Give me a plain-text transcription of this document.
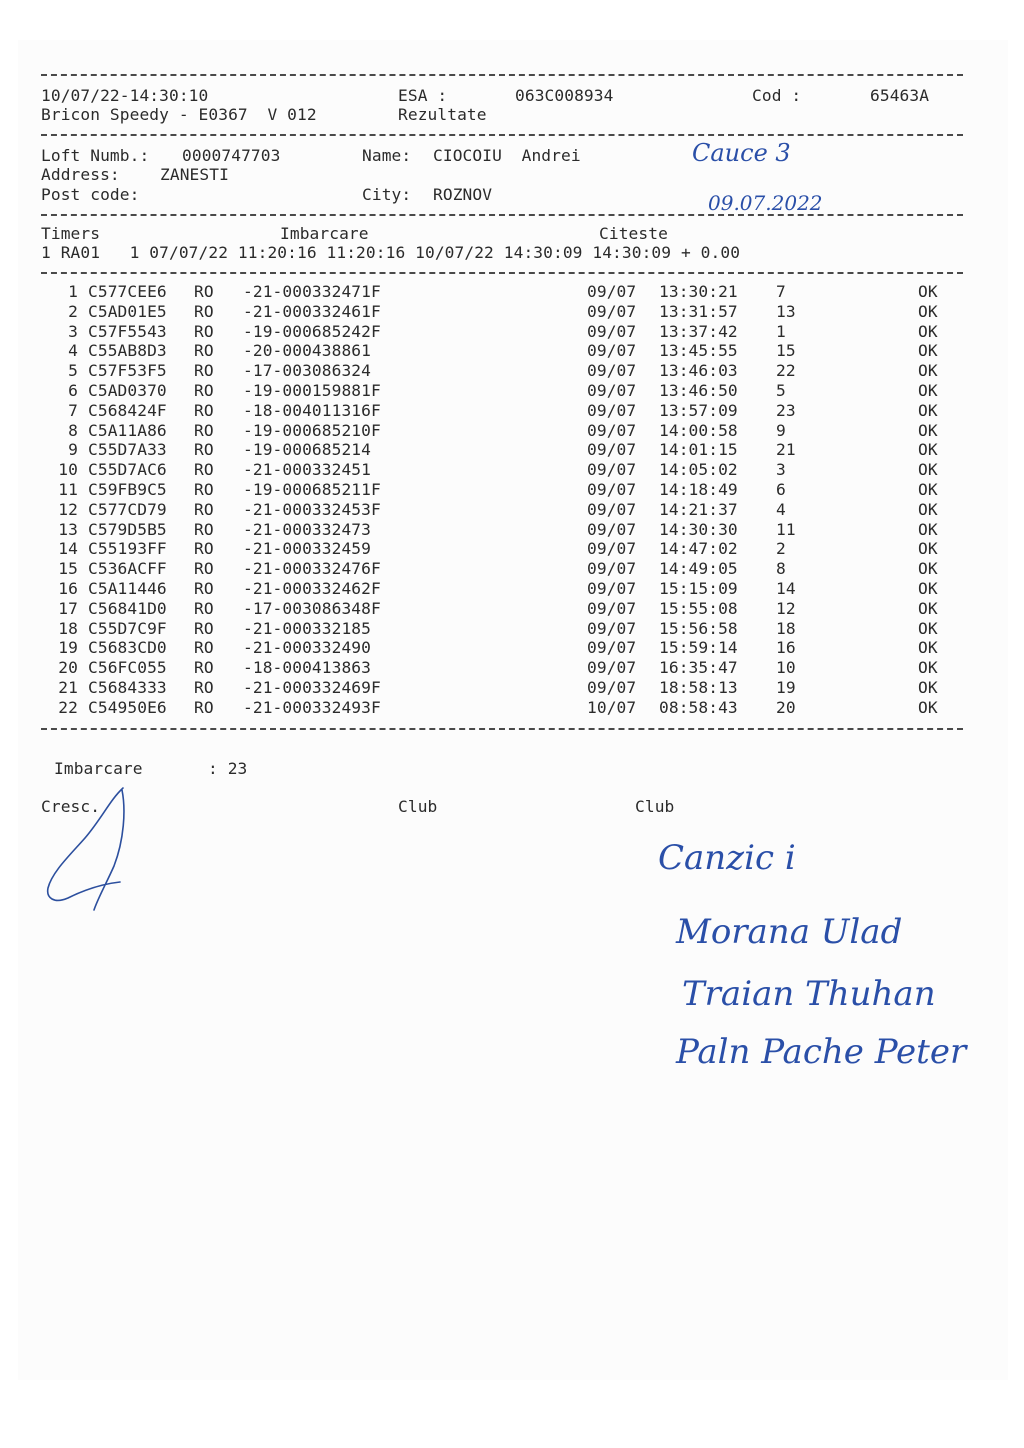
10/07/22-14:30:10	ESA :	063C008934	Cod :	65463A
Bricon Speedy - E0367  V 012	Rezultate
Loft Numb.: 0000747703	Name: CIOCOIU  Andrei
Address: ZANESTI
Post code:	City: ROZNOV
Cauce 3
09.07.2022
Timers	Imbarcare	Citeste
1 RA01   1 07/07/22 11:20:16 11:20:16 10/07/22 14:30:09 14:30:09 + 0.00
1 C577CEE6 RO -21-000332471F	09/07 13:30:21 7	OK
2 C5AD01E5 RO -21-000332461F	09/07 13:31:57 13	OK
3 C57F5543 RO -19-000685242F	09/07 13:37:42 1	OK
4 C55AB8D3 RO -20-000438861	09/07 13:45:55 15	OK
5 C57F53F5 RO -17-003086324	09/07 13:46:03 22	OK
6 C5AD0370 RO -19-000159881F	09/07 13:46:50 5	OK
7 C568424F RO -18-004011316F	09/07 13:57:09 23	OK
8 C5A11A86 RO -19-000685210F	09/07 14:00:58 9	OK
9 C55D7A33 RO -19-000685214	09/07 14:01:15 21	OK
10 C55D7AC6 RO -21-000332451	09/07 14:05:02 3	OK
11 C59FB9C5 RO -19-000685211F	09/07 14:18:49 6	OK
12 C577CD79 RO -21-000332453F	09/07 14:21:37 4	OK
13 C579D5B5 RO -21-000332473	09/07 14:30:30 11	OK
14 C55193FF RO -21-000332459	09/07 14:47:02 2	OK
15 C536ACFF RO -21-000332476F	09/07 14:49:05 8	OK
16 C5A11446 RO -21-000332462F	09/07 15:15:09 14	OK
17 C56841D0 RO -17-003086348F	09/07 15:55:08 12	OK
18 C55D7C9F RO -21-000332185	09/07 15:56:58 18	OK
19 C5683CD0 RO -21-000332490	09/07 15:59:14 16	OK
20 C56FC055 RO -18-000413863	09/07 16:35:47 10	OK
21 C5684333 RO -21-000332469F	09/07 18:58:13 19	OK
22 C54950E6 RO -21-000332493F	10/07 08:58:43 20	OK
Imbarcare	: 23
Cresc.	Club	Club
Canzic i
Morana Ulad
Traian Thuhan
Paln Pache Peter
